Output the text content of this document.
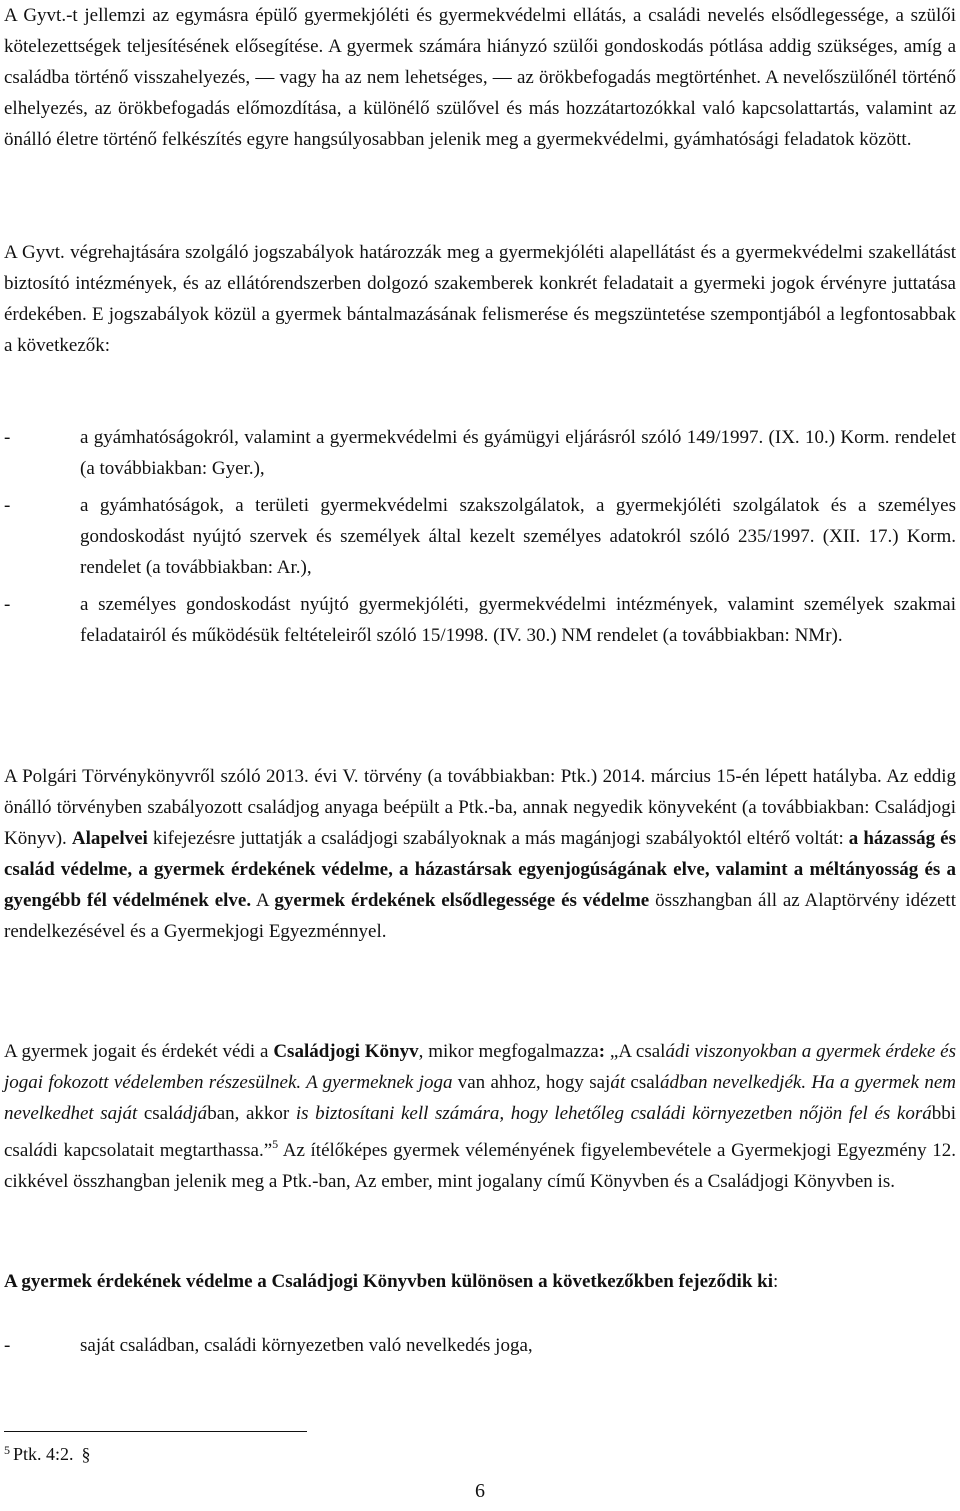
A Gyvt.-t jellemzi az egymásra épülő gyermekjóléti és gyermekvédelmi ellátás, a családi nevelés elsődlegessége, a szülői kötelezettségek teljesítésének elősegítése. A gyermek számára hiányzó szülői gondoskodás pótlása addig szükséges, amíg a családba történő visszahelyezés, — vagy ha az nem lehetséges, — az örökbefogadás megtörténhet. A nevelőszülőnél történő elhelyezés, az örökbefogadás előmozdítása, a különélő szülővel és más hozzátartozókkal való kapcsolattartás, valamint az önálló életre történő felkészítés egyre hangsúlyosabban jelenik meg a gyermekvédelmi, gyámhatósági feladatok között.

A Gyvt. végrehajtására szolgáló jogszabályok határozzák meg a gyermekjóléti alapellátást és a gyermekvédelmi szakellátást biztosító intézmények, és az ellátórendszerben dolgozó szakemberek konkrét feladatait a gyermeki jogok érvényre juttatása érdekében. E jogszabályok közül a gyermek bántalmazásának felismerése és megszüntetése szempontjából a legfontosabbak a következők:

-	a gyámhatóságokról, valamint a gyermekvédelmi és gyámügyi eljárásról szóló 149/1997. (IX. 10.) Korm. rendelet (a továbbiakban: Gyer.),
-	a gyámhatóságok, a területi gyermekvédelmi szakszolgálatok, a gyermekjóléti szolgálatok és a személyes gondoskodást nyújtó szervek és személyek által kezelt személyes adatokról szóló 235/1997. (XII. 17.) Korm. rendelet (a továbbiakban: Ar.),
-	a személyes gondoskodást nyújtó gyermekjóléti, gyermekvédelmi intézmények, valamint személyek szakmai feladatairól és működésük feltételeiről szóló 15/1998. (IV. 30.) NM rendelet (a továbbiakban: NMr).

A Polgári Törvénykönyvről szóló 2013. évi V. törvény (a továbbiakban: Ptk.) 2014. március 15-én lépett hatályba. Az eddig önálló törvényben szabályozott családjog anyaga beépült a Ptk.-ba, annak negyedik könyveként (a továbbiakban: Családjogi Könyv). Alapelvei kifejezésre juttatják a családjogi szabályoknak a más magánjogi szabályoktól eltérő voltát: a házasság és család védelme, a gyermek érdekének védelme, a házastársak egyenjogúságának elve, valamint a méltányosság és a gyengébb fél védelmének elve. A gyermek érdekének elsődlegessége és védelme összhangban áll az Alaptörvény idézett rendelkezésével és a Gyermekjogi Egyezménnyel.

A gyermek jogait és érdekét védi a Családjogi Könyv, mikor megfogalmazza: „A családi viszonyokban a gyermek érdeke és jogai fokozott védelemben részesülnek. A gyermeknek joga van ahhoz, hogy saját családban nevelkedjék. Ha a gyermek nem nevelkedhet saját családjában, akkor is biztosítani kell számára, hogy lehetőleg családi környezetben nőjön fel és korábbi családi kapcsolatait megtarthassa.”$^5$ Az ítélőképes gyermek véleményének figyelembevétele a Gyermekjogi Egyezmény 12. cikkével összhangban jelenik meg a Ptk.-ban, Az ember, mint jogalany című Könyvben és a Családjogi Könyvben is.

A gyermek érdekének védelme a Családjogi Könyvben különösen a következőkben fejeződik ki:

-	saját családban, családi környezetben való nevelkedés joga,
$^5$ Ptk. 4:2. §
6
